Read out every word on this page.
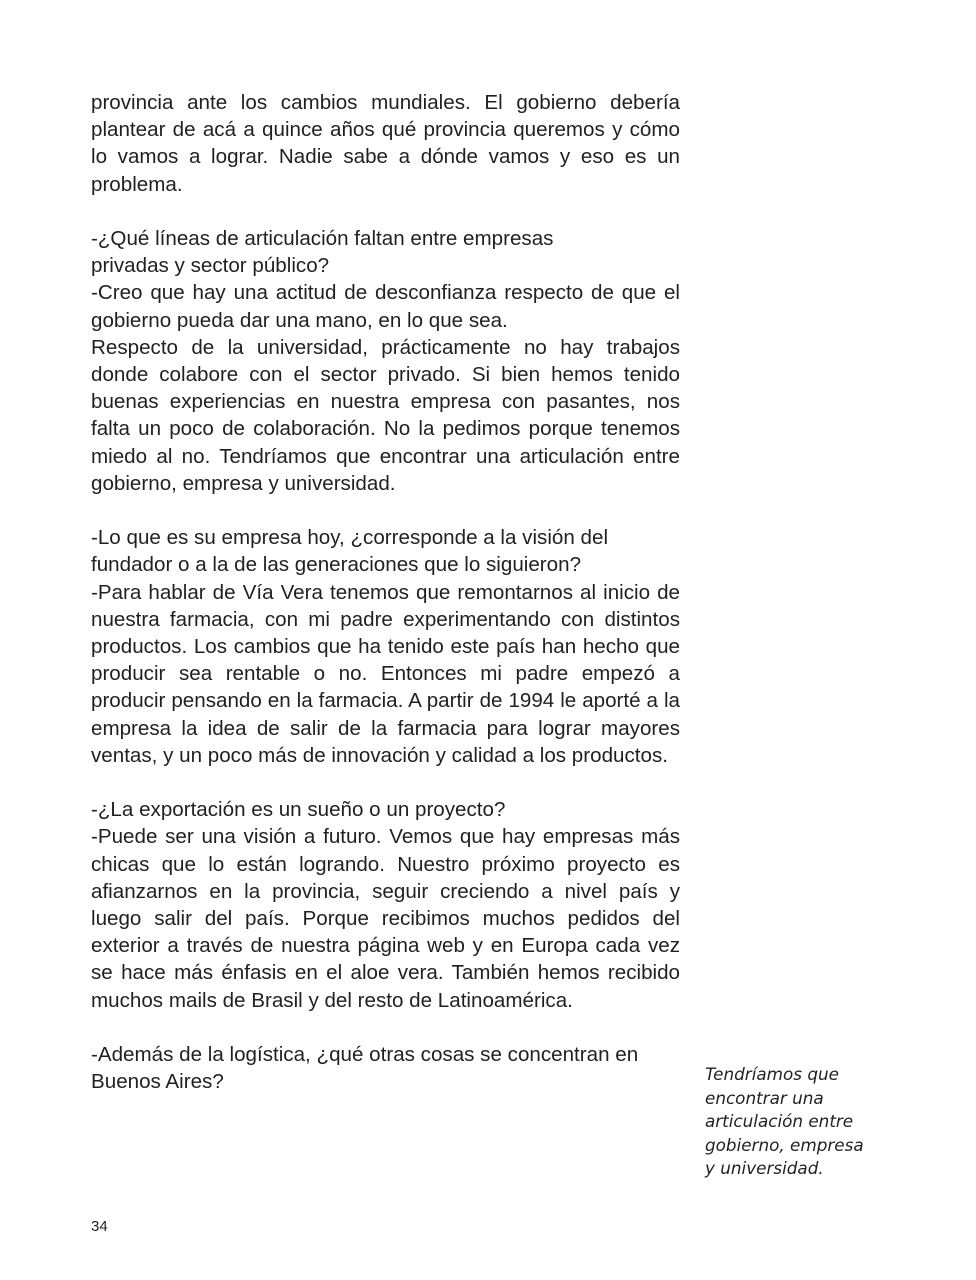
provincia ante los cambios mundiales. El gobierno debería plantear de acá a quince años qué provincia queremos y cómo lo vamos a lograr. Nadie sabe a dónde vamos y eso es un problema.

-¿Qué líneas de articulación faltan entre empresas privadas y sector público?

-Creo que hay una actitud de desconfianza respecto de que el gobierno pueda dar una mano, en lo que sea.

Respecto de la universidad, prácticamente no hay trabajos donde colabore con el sector privado. Si bien hemos tenido buenas experiencias en nuestra empresa con pasantes, nos falta un poco de colaboración. No la pedimos porque tenemos miedo al no. Tendríamos que encontrar una articulación entre gobierno, empresa y universidad.

-Lo que es su empresa hoy, ¿corresponde a la visión del fundador o a la de las generaciones que lo siguieron?

-Para hablar de Vía Vera tenemos que remontarnos al inicio de nuestra farmacia, con mi padre experimentando con distintos productos. Los cambios que ha tenido este país han hecho que producir sea rentable o no. Entonces mi padre empezó a producir pensando en la farmacia. A partir de 1994 le aporté a la empresa la idea de salir de la farmacia para lograr mayores ventas, y un poco más de innovación y calidad a los productos.

-¿La exportación es un sueño o un proyecto?

-Puede ser una visión a futuro. Vemos que hay empresas más chicas que lo están logrando. Nuestro próximo proyecto es afianzarnos en la provincia, seguir creciendo a nivel país y luego salir del país. Porque recibimos muchos pedidos del exterior a través de nuestra página web y en Europa cada vez se hace más énfasis en el aloe vera. También hemos recibido muchos mails de Brasil y del resto de Latinoamérica.

-Además de la logística, ¿qué otras cosas se concentran en Buenos Aires?	Tendríamos que
encontrar una
articulación entre
gobierno, empresa
y universidad.
34
